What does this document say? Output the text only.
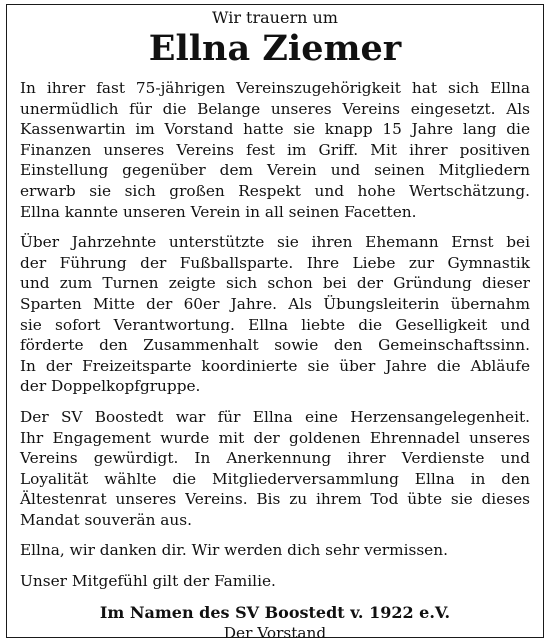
Wir trauern um

Ellna Ziemer

In ihrer fast 75-jährigen Vereinszugehörigkeit hat sich Ellna
unermüdlich für die Belange unseres Vereins eingesetzt. Als
Kassenwartin im Vorstand hatte sie knapp 15 Jahre lang die
Finanzen unseres Vereins fest im Griff. Mit ihrer positiven
Einstellung gegenüber dem Verein und seinen Mitgliedern
erwarb sie sich großen Respekt und hohe Wertschätzung.
Ellna kannte unseren Verein in all seinen Facetten.

Über Jahrzehnte unterstützte sie ihren Ehemann Ernst bei
der Führung der Fußballsparte. Ihre Liebe zur Gymnastik
und zum Turnen zeigte sich schon bei der Gründung dieser
Sparten Mitte der 60er Jahre. Als Übungsleiterin übernahm
sie sofort Verantwortung. Ellna liebte die Geselligkeit und
förderte den Zusammenhalt sowie den Gemeinschaftssinn.
In der Freizeitsparte koordinierte sie über Jahre die Abläufe
der Doppelkopfgruppe.

Der SV Boostedt war für Ellna eine Herzensangelegenheit.
Ihr Engagement wurde mit der goldenen Ehrennadel unseres
Vereins gewürdigt. In Anerkennung ihrer Verdienste und
Loyalität wählte die Mitgliederversammlung Ellna in den
Ältestenrat unseres Vereins. Bis zu ihrem Tod übte sie dieses
Mandat souverän aus.

Ellna, wir danken dir. Wir werden dich sehr vermissen.

Unser Mitgefühl gilt der Familie.

Im Namen des SV Boostedt v. 1922 e.V.

Der Vorstand
